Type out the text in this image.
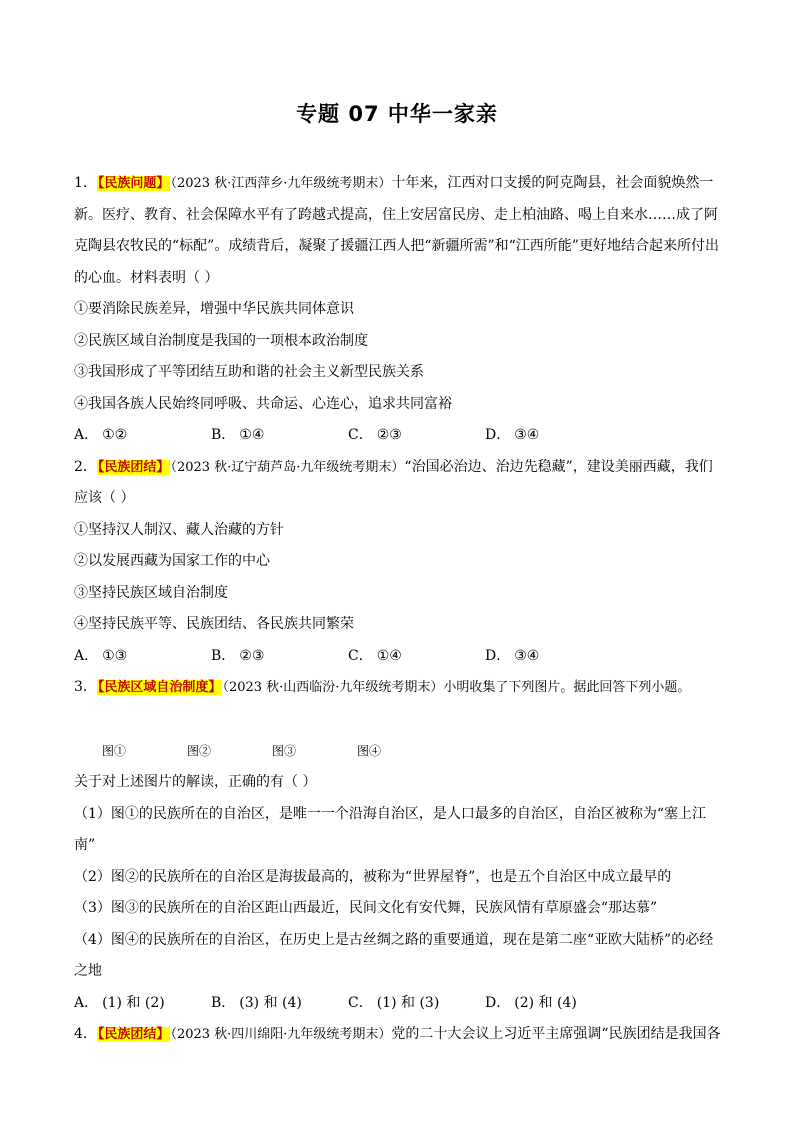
专题 07 中华一家亲
1．【民族问题】（2023 秋·江西萍乡·九年级统考期末）十年来，江西对口支援的阿克陶县，社会面貌焕然一新。医疗、教育、社会保障水平有了跨越式提高，住上安居富民房、走上柏油路、喝上自来水……成了阿克陶县农牧民的“标配”。成绩背后，凝聚了援疆江西人把“新疆所需”和“江西所能”更好地结合起来所付出的心血。材料表明（ ）
①要消除民族差异，增强中华民族共同体意识
②民族区域自治制度是我国的一项根本政治制度
③我国形成了平等团结互助和谐的社会主义新型民族关系
④我国各族人民始终同呼吸、共命运、心连心，追求共同富裕
A． ①②	B． ①④	C． ②③	D． ③④
2．【民族团结】（2023 秋·辽宁葫芦岛·九年级统考期末）“治国必治边、治边先稳藏”，建设美丽西藏，我们应该（ ）
①坚持汉人制汉、藏人治藏的方针
②以发展西藏为国家工作的中心
③坚持民族区域自治制度
④坚持民族平等、民族团结、各民族共同繁荣
A． ①③	B． ②③	C． ①④	D． ③④
3．【民族区域自治制度】（2023 秋·山西临汾·九年级统考期末）小明收集了下列图片。据此回答下列小题。
图①	图②	图③	图④
关于对上述图片的解读，正确的有（ ）
（1）图①的民族所在的自治区，是唯一一个沿海自治区，是人口最多的自治区，自治区被称为“塞上江南”
（2）图②的民族所在的自治区是海拔最高的，被称为“世界屋脊”，也是五个自治区中成立最早的
（3）图③的民族所在的自治区距山西最近，民间文化有安代舞，民族风情有草原盛会“那达慕”
（4）图④的民族所在的自治区，在历史上是古丝绸之路的重要通道，现在是第二座“亚欧大陆桥”的必经之地
A． (1) 和 (2)	B． (3) 和 (4)	C． (1) 和 (3)	D． (2) 和 (4)
4．【民族团结】（2023 秋·四川绵阳·九年级统考期末）党的二十大会议上习近平主席强调“民族团结是我国各
